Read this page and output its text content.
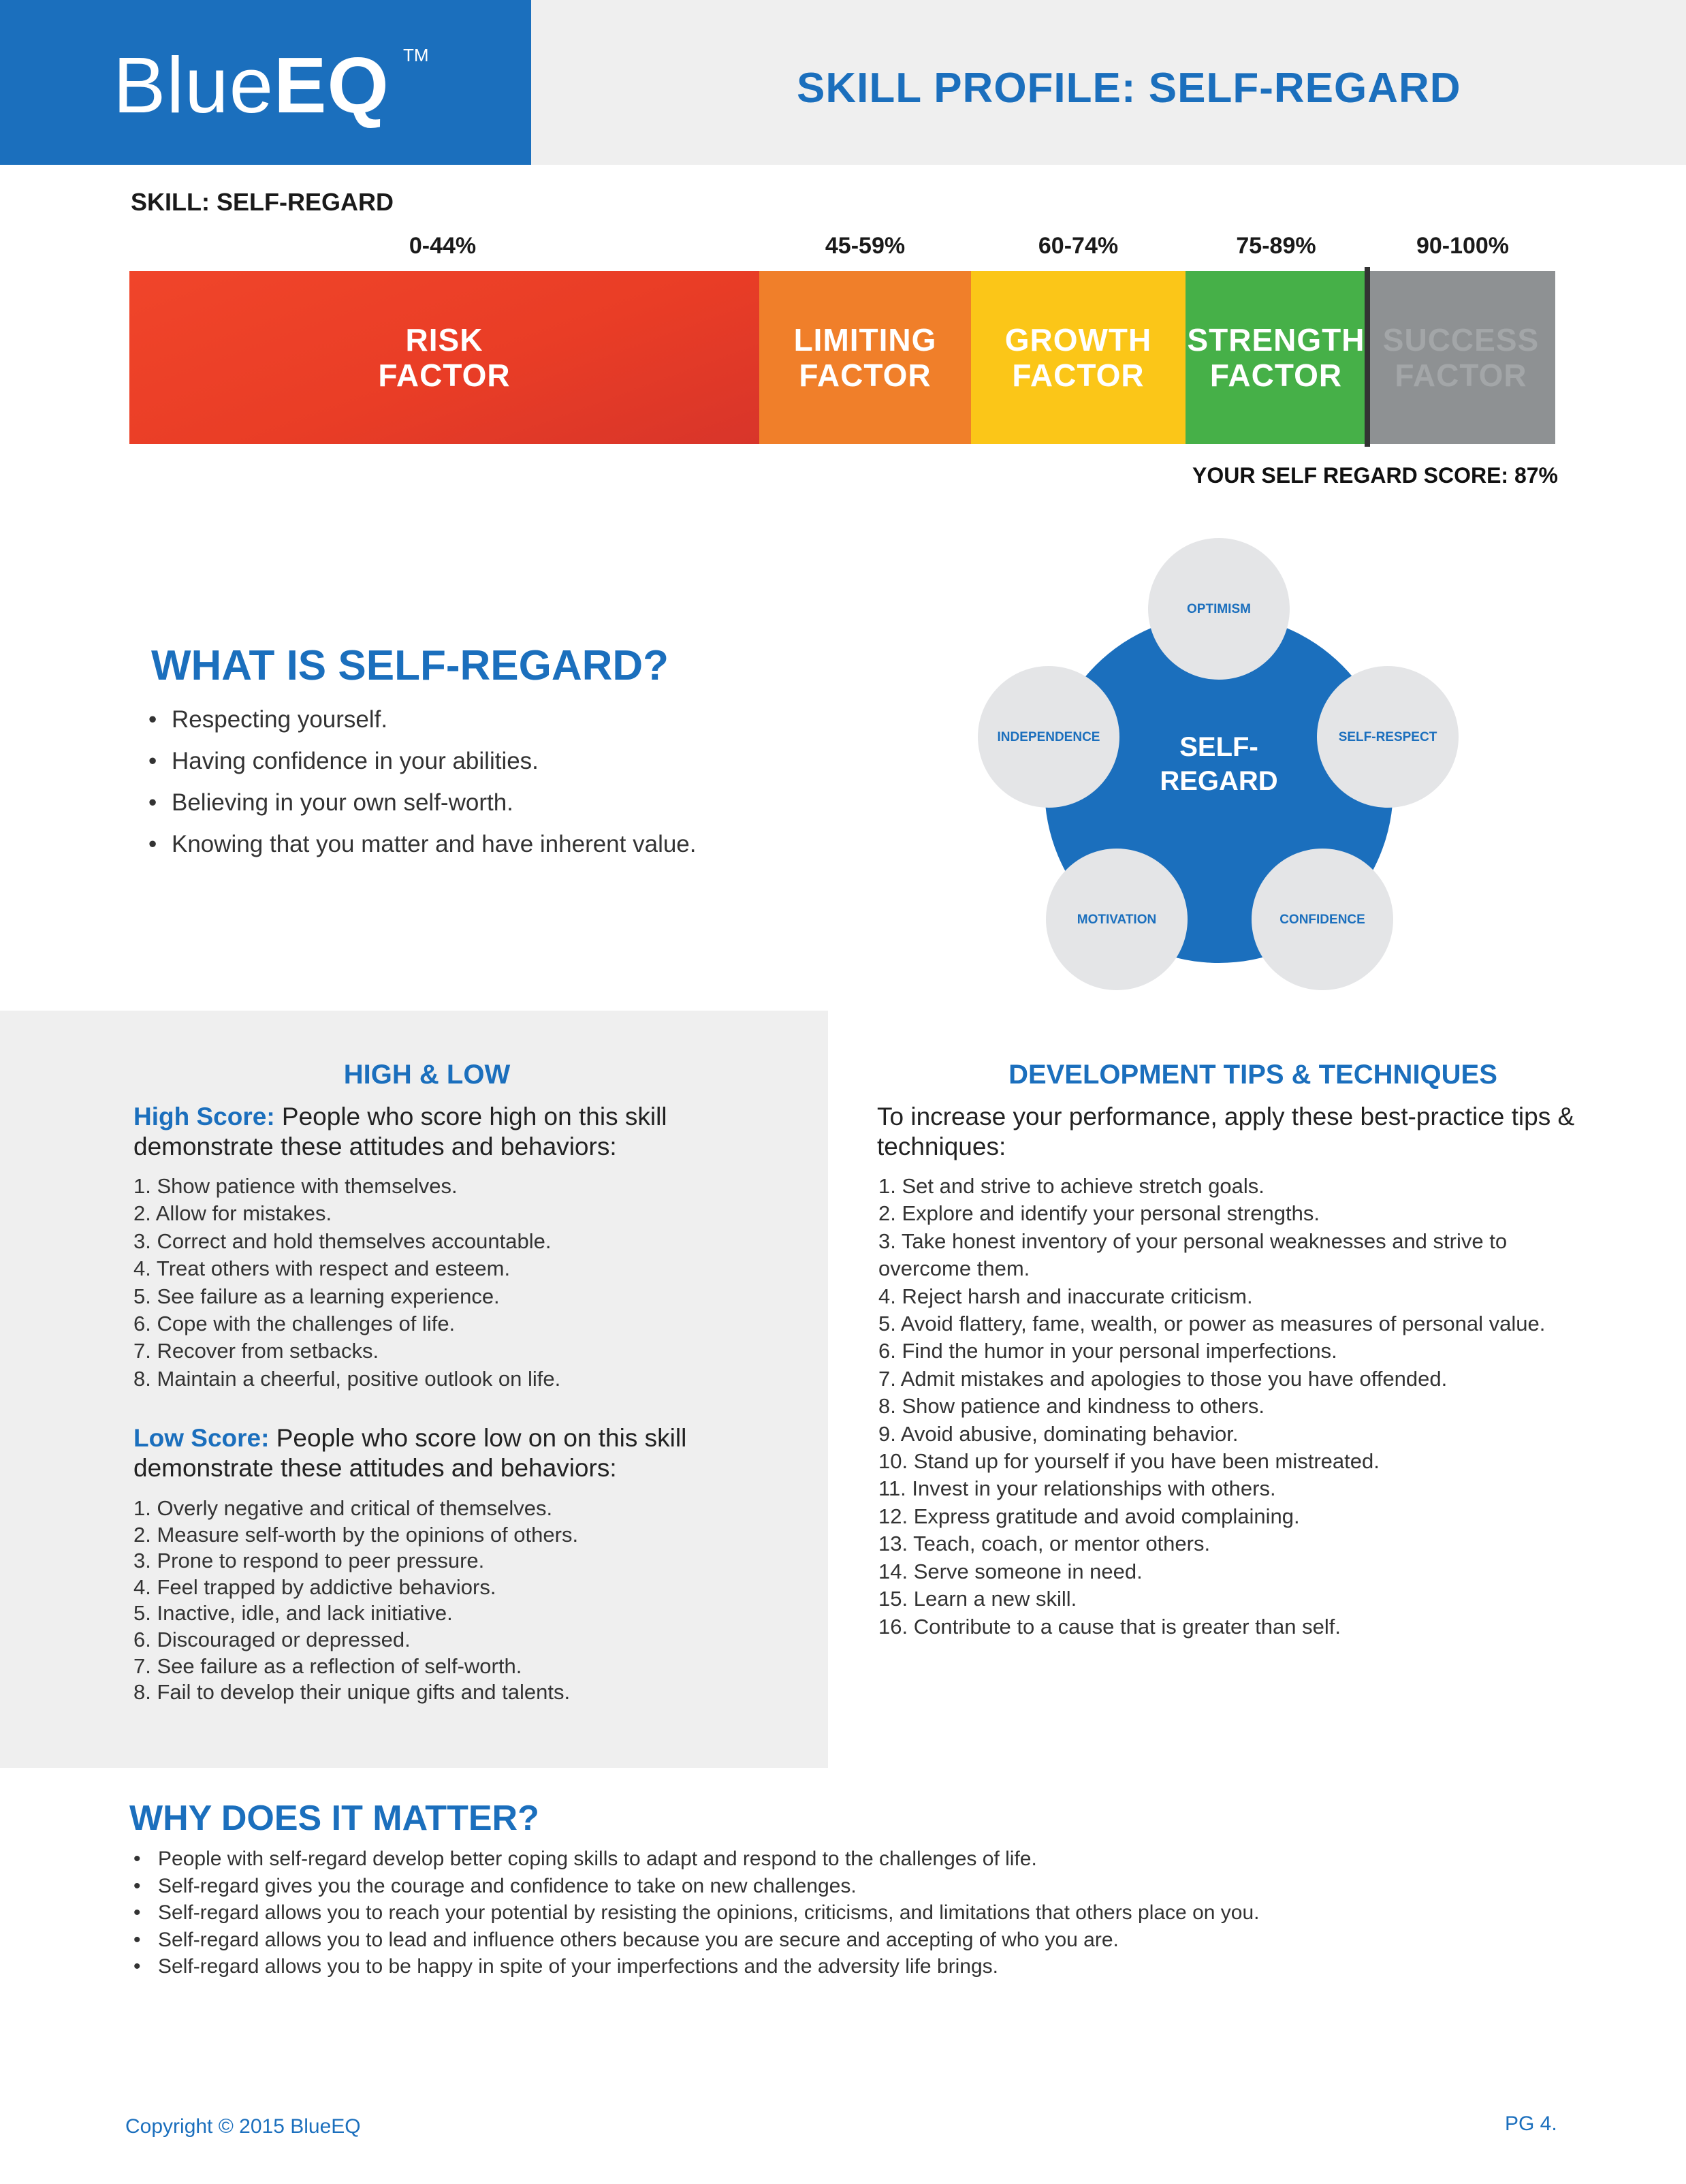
BlueEQ TM
SKILL PROFILE: SELF-REGARD
SKILL: SELF-REGARD
0-44%	45-59%	60-74%	75-89%	90-100%
RISK
FACTOR
LIMITING
FACTOR
GROWTH
FACTOR
STRENGTH
FACTOR
SUCCESS
FACTOR
YOUR SELF REGARD SCORE: 87%
WHAT IS SELF-REGARD?
• Respecting yourself.
• Having confidence in your abilities.
• Believing in your own self-worth.
• Knowing that you matter and have inherent value.
SELF-
REGARD
OPTIMISM
SELF-RESPECT
CONFIDENCE
MOTIVATION
INDEPENDENCE
HIGH & LOW
High Score: People who score high on this skill demonstrate these attitudes and behaviors:
1. Show patience with themselves.
2. Allow for mistakes.
3. Correct and hold themselves accountable.
4. Treat others with respect and esteem.
5. See failure as a learning experience.
6. Cope with the challenges of life.
7. Recover from setbacks.
8. Maintain a cheerful, positive outlook on life.
Low Score: People who score low on on this skill demonstrate these attitudes and behaviors:
1. Overly negative and critical of themselves.
2. Measure self-worth by the opinions of others.
3. Prone to respond to peer pressure.
4. Feel trapped by addictive behaviors.
5. Inactive, idle, and lack initiative.
6. Discouraged or depressed.
7. See failure as a reflection of self-worth.
8. Fail to develop their unique gifts and talents.
DEVELOPMENT TIPS & TECHNIQUES
To increase your performance, apply these best-practice tips & techniques:
1. Set and strive to achieve stretch goals.
2. Explore and identify your personal strengths.
3. Take honest inventory of your personal weaknesses and strive to overcome them.
4. Reject harsh and inaccurate criticism.
5. Avoid flattery, fame, wealth, or power as measures of personal value.
6. Find the humor in your personal imperfections.
7. Admit mistakes and apologies to those you have offended.
8. Show patience and kindness to others.
9. Avoid abusive, dominating behavior.
10. Stand up for yourself if you have been mistreated.
11. Invest in your relationships with others.
12. Express gratitude and avoid complaining.
13. Teach, coach, or mentor others.
14. Serve someone in need.
15. Learn a new skill.
16. Contribute to a cause that is greater than self.
WHY DOES IT MATTER?
• People with self-regard develop better coping skills to adapt and respond to the challenges of life.
• Self-regard gives you the courage and confidence to take on new challenges.
• Self-regard allows you to reach your potential by resisting the opinions, criticisms, and limitations that others place on you.
• Self-regard allows you to lead and influence others because you are secure and accepting of who you are.
• Self-regard allows you to be happy in spite of your imperfections and the adversity life brings.
Copyright © 2015 BlueEQ	PG 4.
